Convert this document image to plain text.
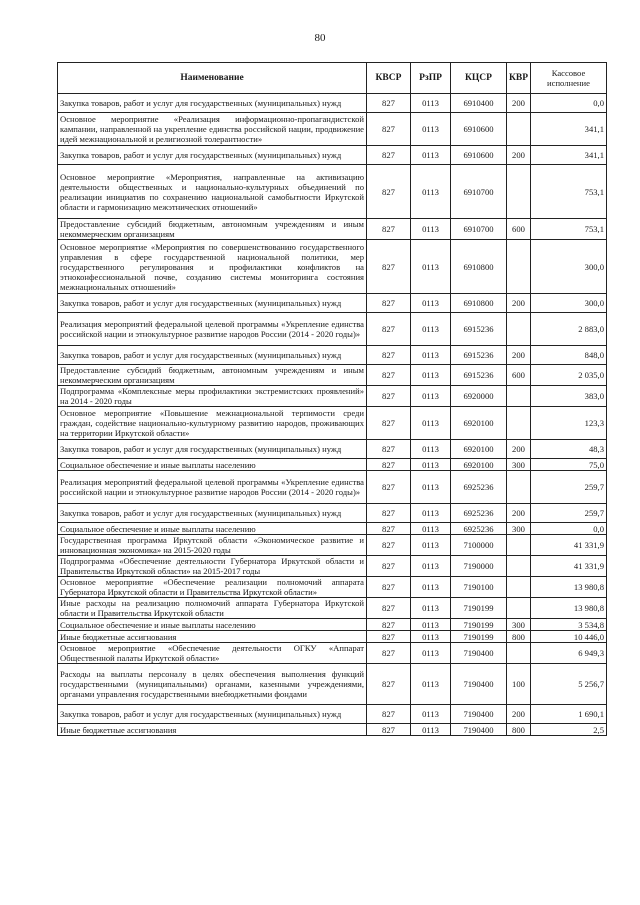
80
Наименование	КВСР	РзПР	КЦСР	КВР	Кассовое исполнение
Закупка товаров, работ и услуг для государственных (муниципальных) нужд	827	0113	6910400	200	0,0
Основное мероприятие «Реализация информационно-пропагандистской кампании, направленной на укрепление единства российской нации, продвижение идей межнациональной и религиозной толерантности»	827	0113	6910600		341,1
Закупка товаров, работ и услуг для государственных (муниципальных) нужд	827	0113	6910600	200	341,1
Основное мероприятие «Мероприятия, направленные на активизацию деятельности общественных и национально-культурных объединений по реализации инициатив по сохранению национальной самобытности Иркутской области и гармонизацию межэтнических отношений»	827	0113	6910700		753,1
Предоставление субсидий бюджетным, автономным учреждениям и иным некоммерческим организациям	827	0113	6910700	600	753,1
Основное мероприятие «Мероприятия по совершенствованию государственного управления в сфере государственной национальной политики, мер государственного регулирования и профилактики конфликтов на этноконфессиональной почве, созданию системы мониторинга состояния межнациональных отношений»	827	0113	6910800		300,0
Закупка товаров, работ и услуг для государственных (муниципальных) нужд	827	0113	6910800	200	300,0
Реализация мероприятий федеральной целевой программы «Укрепление единства российской нации и этнокультурное развитие народов России (2014 - 2020 годы)»	827	0113	6915236		2 883,0
Закупка товаров, работ и услуг для государственных (муниципальных) нужд	827	0113	6915236	200	848,0
Предоставление субсидий бюджетным, автономным учреждениям и иным некоммерческим организациям	827	0113	6915236	600	2 035,0
Подпрограмма «Комплексные меры профилактики экстремистских проявлений» на 2014 - 2020 годы	827	0113	6920000		383,0
Основное мероприятие «Повышение межнациональной терпимости среди граждан, содействие национально-культурному развитию народов, проживающих на территории Иркутской области»	827	0113	6920100		123,3
Закупка товаров, работ и услуг для государственных (муниципальных) нужд	827	0113	6920100	200	48,3
Социальное обеспечение и иные выплаты населению	827	0113	6920100	300	75,0
Реализация мероприятий федеральной целевой программы «Укрепление единства российской нации и этнокультурное развитие народов России (2014 - 2020 годы)»	827	0113	6925236		259,7
Закупка товаров, работ и услуг для государственных (муниципальных) нужд	827	0113	6925236	200	259,7
Социальное обеспечение и иные выплаты населению	827	0113	6925236	300	0,0
Государственная программа Иркутской области «Экономическое развитие и инновационная экономика» на 2015-2020 годы	827	0113	7100000		41 331,9
Подпрограмма «Обеспечение деятельности Губернатора Иркутской области и Правительства Иркутской области» на 2015-2017 годы	827	0113	7190000		41 331,9
Основное мероприятие «Обеспечение реализации полномочий аппарата Губернатора Иркутской области и Правительства Иркутской области»	827	0113	7190100		13 980,8
Иные расходы на реализацию полномочий аппарата Губернатора Иркутской области и Правительства Иркутской области	827	0113	7190199		13 980,8
Социальное обеспечение и иные выплаты населению	827	0113	7190199	300	3 534,8
Иные бюджетные ассигнования	827	0113	7190199	800	10 446,0
Основное мероприятие «Обеспечение деятельности ОГКУ «Аппарат Общественной палаты Иркутской области»	827	0113	7190400		6 949,3
Расходы на выплаты персоналу в целях обеспечения выполнения функций государственными (муниципальными) органами, казенными учреждениями, органами управления государственными внебюджетными фондами	827	0113	7190400	100	5 256,7
Закупка товаров, работ и услуг для государственных (муниципальных) нужд	827	0113	7190400	200	1 690,1
Иные бюджетные ассигнования	827	0113	7190400	800	2,5
